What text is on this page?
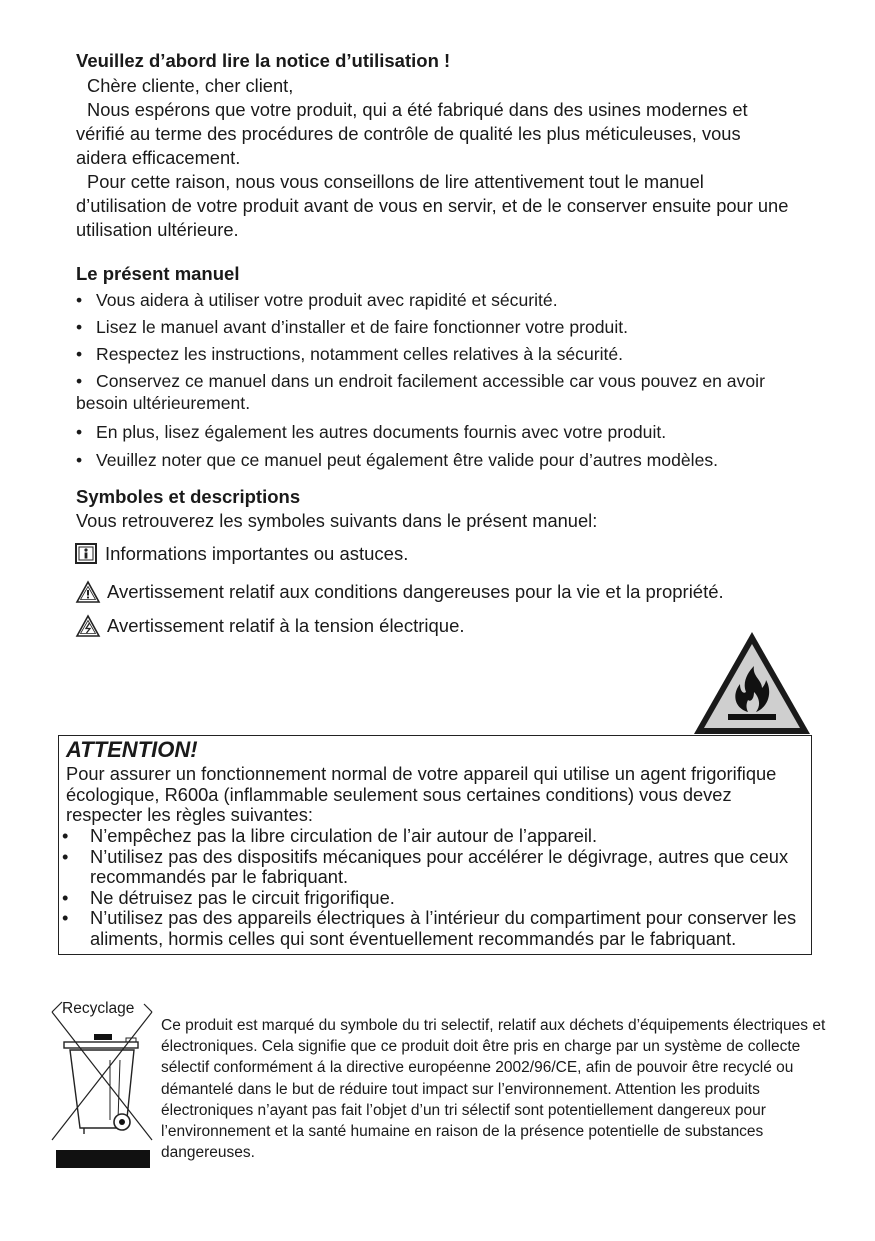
Veuillez d’abord lire la notice d’utilisation !

Chère cliente, cher client,

Nous espérons que votre produit, qui a été fabriqué dans des usines modernes et vérifié au terme des procédures de contrôle de qualité les plus méticuleuses, vous aidera efficacement.

Pour cette raison, nous vous conseillons de lire attentivement tout le manuel d’utilisation de votre produit avant de vous en servir, et de le conserver ensuite pour une utilisation ultérieure.

Le présent manuel

• Vous aidera à utiliser votre produit avec rapidité et sécurité.

• Lisez le manuel avant d’installer et de faire fonctionner votre produit.

• Respectez les instructions, notamment celles relatives à la sécurité.

• Conservez ce manuel dans un endroit facilement accessible car vous pouvez en avoir besoin ultérieurement.

• En plus, lisez également les autres documents fournis avec votre produit.

• Veuillez noter que ce manuel peut également être valide pour d’autres modèles.

Symboles et descriptions

Vous retrouverez les symboles suivants dans le présent manuel:

Informations importantes ou astuces.
Avertissement relatif aux conditions dangereuses pour la vie et la propriété.
Avertissement relatif à la tension électrique.
ATTENTION!

Pour assurer un fonctionnement normal de votre appareil qui utilise un agent frigorifique écologique, R600a (inflammable seulement sous certaines conditions) vous devez respecter les règles suivantes:

• N’empêchez pas la libre circulation de l’air autour de l’appareil.
• N’utilisez pas des dispositifs mécaniques pour accélérer le dégivrage, autres que ceux recommandés par le fabriquant.
• Ne détruisez pas le circuit frigorifique.
• N’utilisez pas des appareils électriques à l’intérieur du compartiment pour conserver les aliments, hormis celles qui sont éventuellement recommandés par le fabriquant.
Recyclage

Ce produit est marqué du symbole du tri selectif, relatif aux déchets d’équipements électriques et électroniques. Cela signifie que ce produit doit être pris en charge par un système de collecte sélectif conformément á la directive européenne 2002/96/CE, afin de pouvoir être recyclé ou démantelé dans le but de réduire tout impact sur l’environnement. Attention les produits électroniques n’ayant pas fait l’objet d’un tri sélectif sont potentiellement dangereux pour l’environnement et la santé humaine en raison de la présence potentielle de substances dangereuses.
